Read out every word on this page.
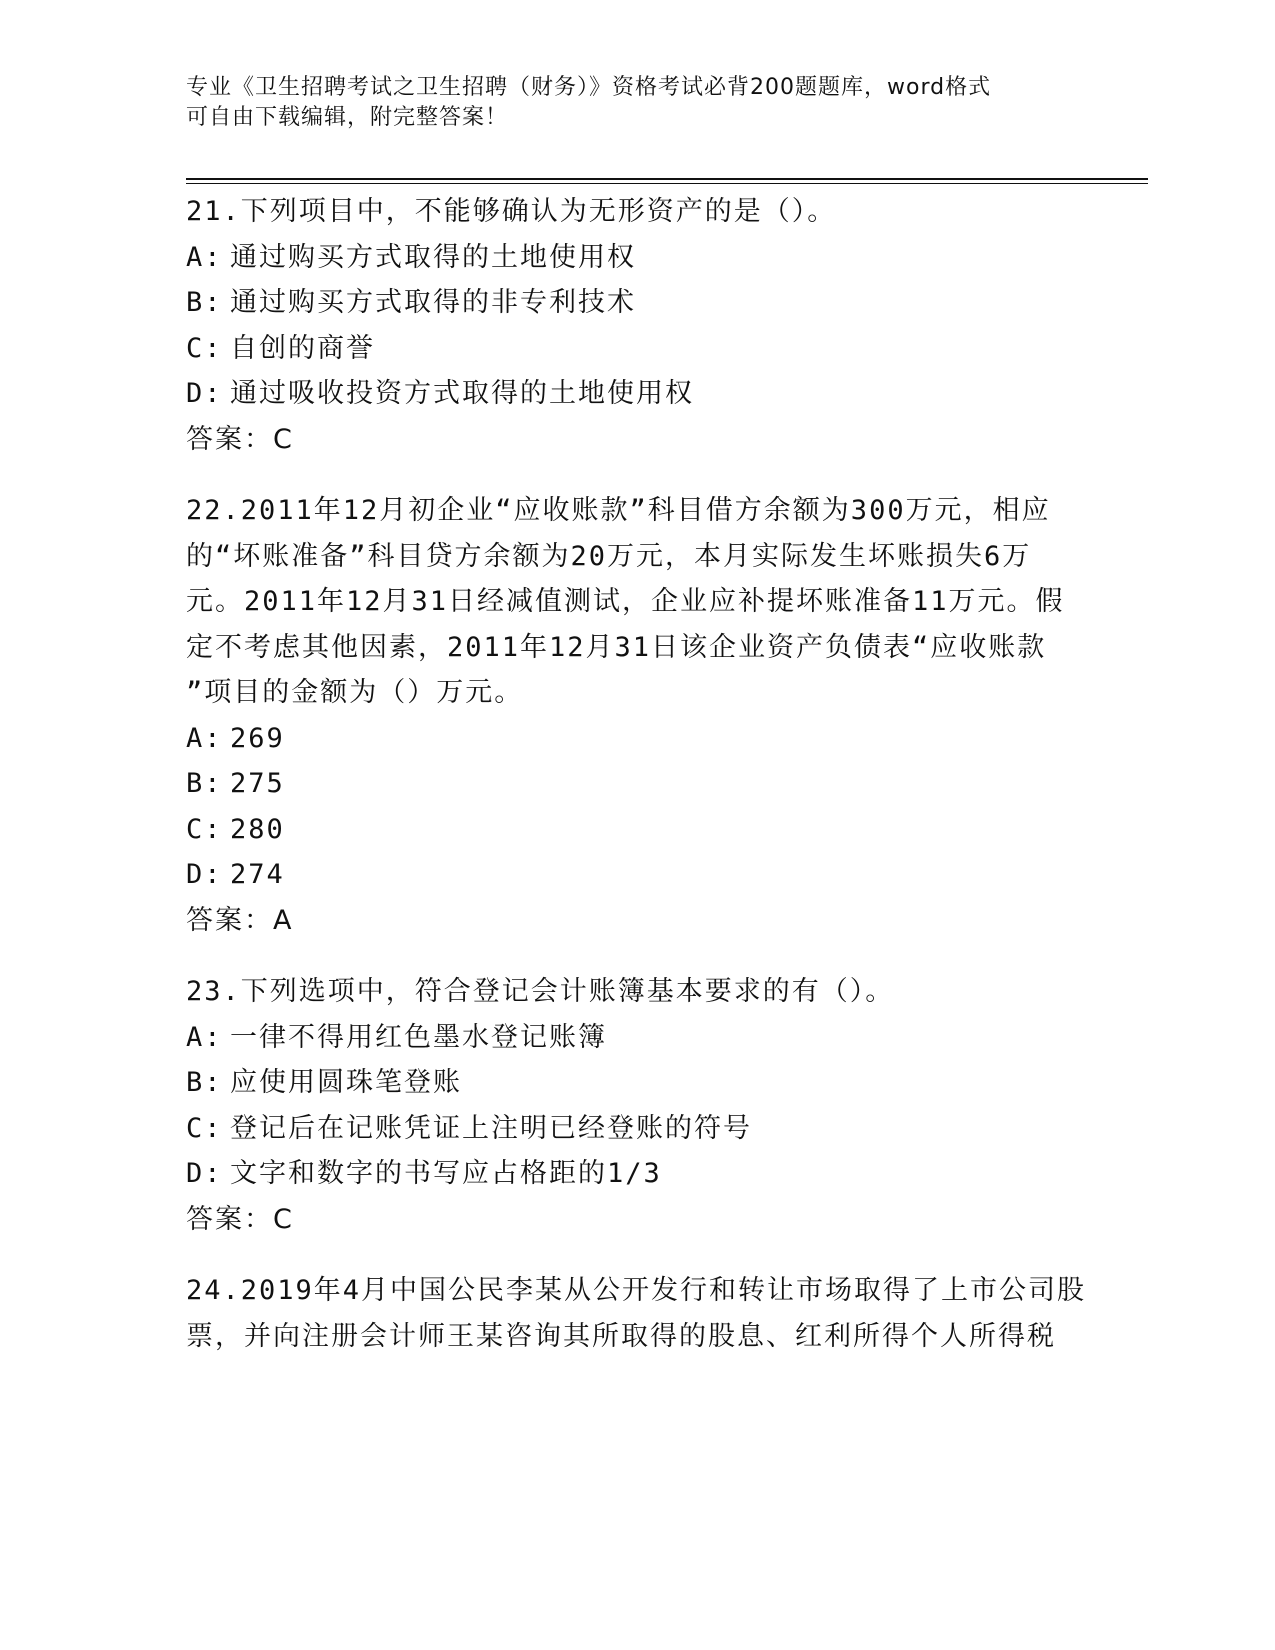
专业《卫生招聘考试之卫生招聘（财务）》资格考试必背200题题库，word格式
可自由下载编辑，附完整答案！
21.下列项目中，不能够确认为无形资产的是（）。
A: 通过购买方式取得的土地使用权
B: 通过购买方式取得的非专利技术
C: 自创的商誉
D: 通过吸收投资方式取得的土地使用权
答案：C
22.2011年12月初企业“应收账款”科目借方余额为300万元，相应
的“坏账准备”科目贷方余额为20万元，本月实际发生坏账损失6万
元。2011年12月31日经减值测试，企业应补提坏账准备11万元。假
定不考虑其他因素，2011年12月31日该企业资产负债表“应收账款
”项目的金额为（）万元。
A: 269
B: 275
C: 280
D: 274
答案：A
23.下列选项中，符合登记会计账簿基本要求的有（）。
A: 一律不得用红色墨水登记账簿
B: 应使用圆珠笔登账
C: 登记后在记账凭证上注明已经登账的符号
D: 文字和数字的书写应占格距的1/3
答案：C
24.2019年4月中国公民李某从公开发行和转让市场取得了上市公司股
票，并向注册会计师王某咨询其所取得的股息、红利所得个人所得税
